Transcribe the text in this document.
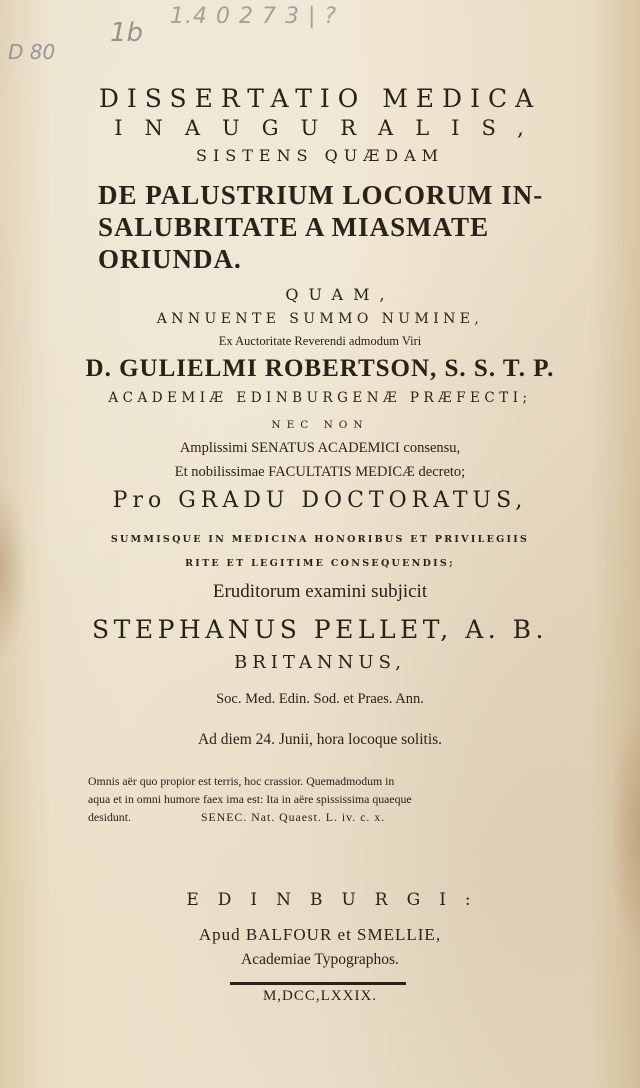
1.4 0 2 7 3 | ?
D 80
1b
DISSERTATIO MEDICA
INAUGURALIS,
SISTENS QUÆDAM
DE PALUSTRIUM LOCORUM IN-
SALUBRITATE A MIASMATE
ORIUNDA.
QUAM,
ANNUENTE SUMMO NUMINE,
Ex Auctoritate Reverendi admodum Viri
D. GULIELMI ROBERTSON, S. S. T. P.
ACADEMIÆ EDINBURGENÆ PRÆFECTI;
NEC NON
Amplissimi SENATUS ACADEMICI consensu,
Et nobilissimae FACULTATIS MEDICÆ decreto;
Pro GRADU DOCTORATUS,
SUMMISQUE IN MEDICINA HONORIBUS ET PRIVILEGIIS
RITE ET LEGITIME CONSEQUENDIS;
Eruditorum examini subjicit
STEPHANUS PELLET, A. B.
BRITANNUS,
Soc. Med. Edin. Sod. et Praes. Ann.
Ad diem 24. Junii, hora locoque solitis.

Omnis aër quo propior est terris, hoc crassior. Quemadmodum in

aqua et in omni humore faex ima est: Ita in aëre spississima quaeque

desidunt.	SENEC. Nat. Quaest. L. iv. c. x.

EDINBURGI:
Apud BALFOUR et SMELLIE,
Academiae Typographos.
M,DCC,LXXIX.
